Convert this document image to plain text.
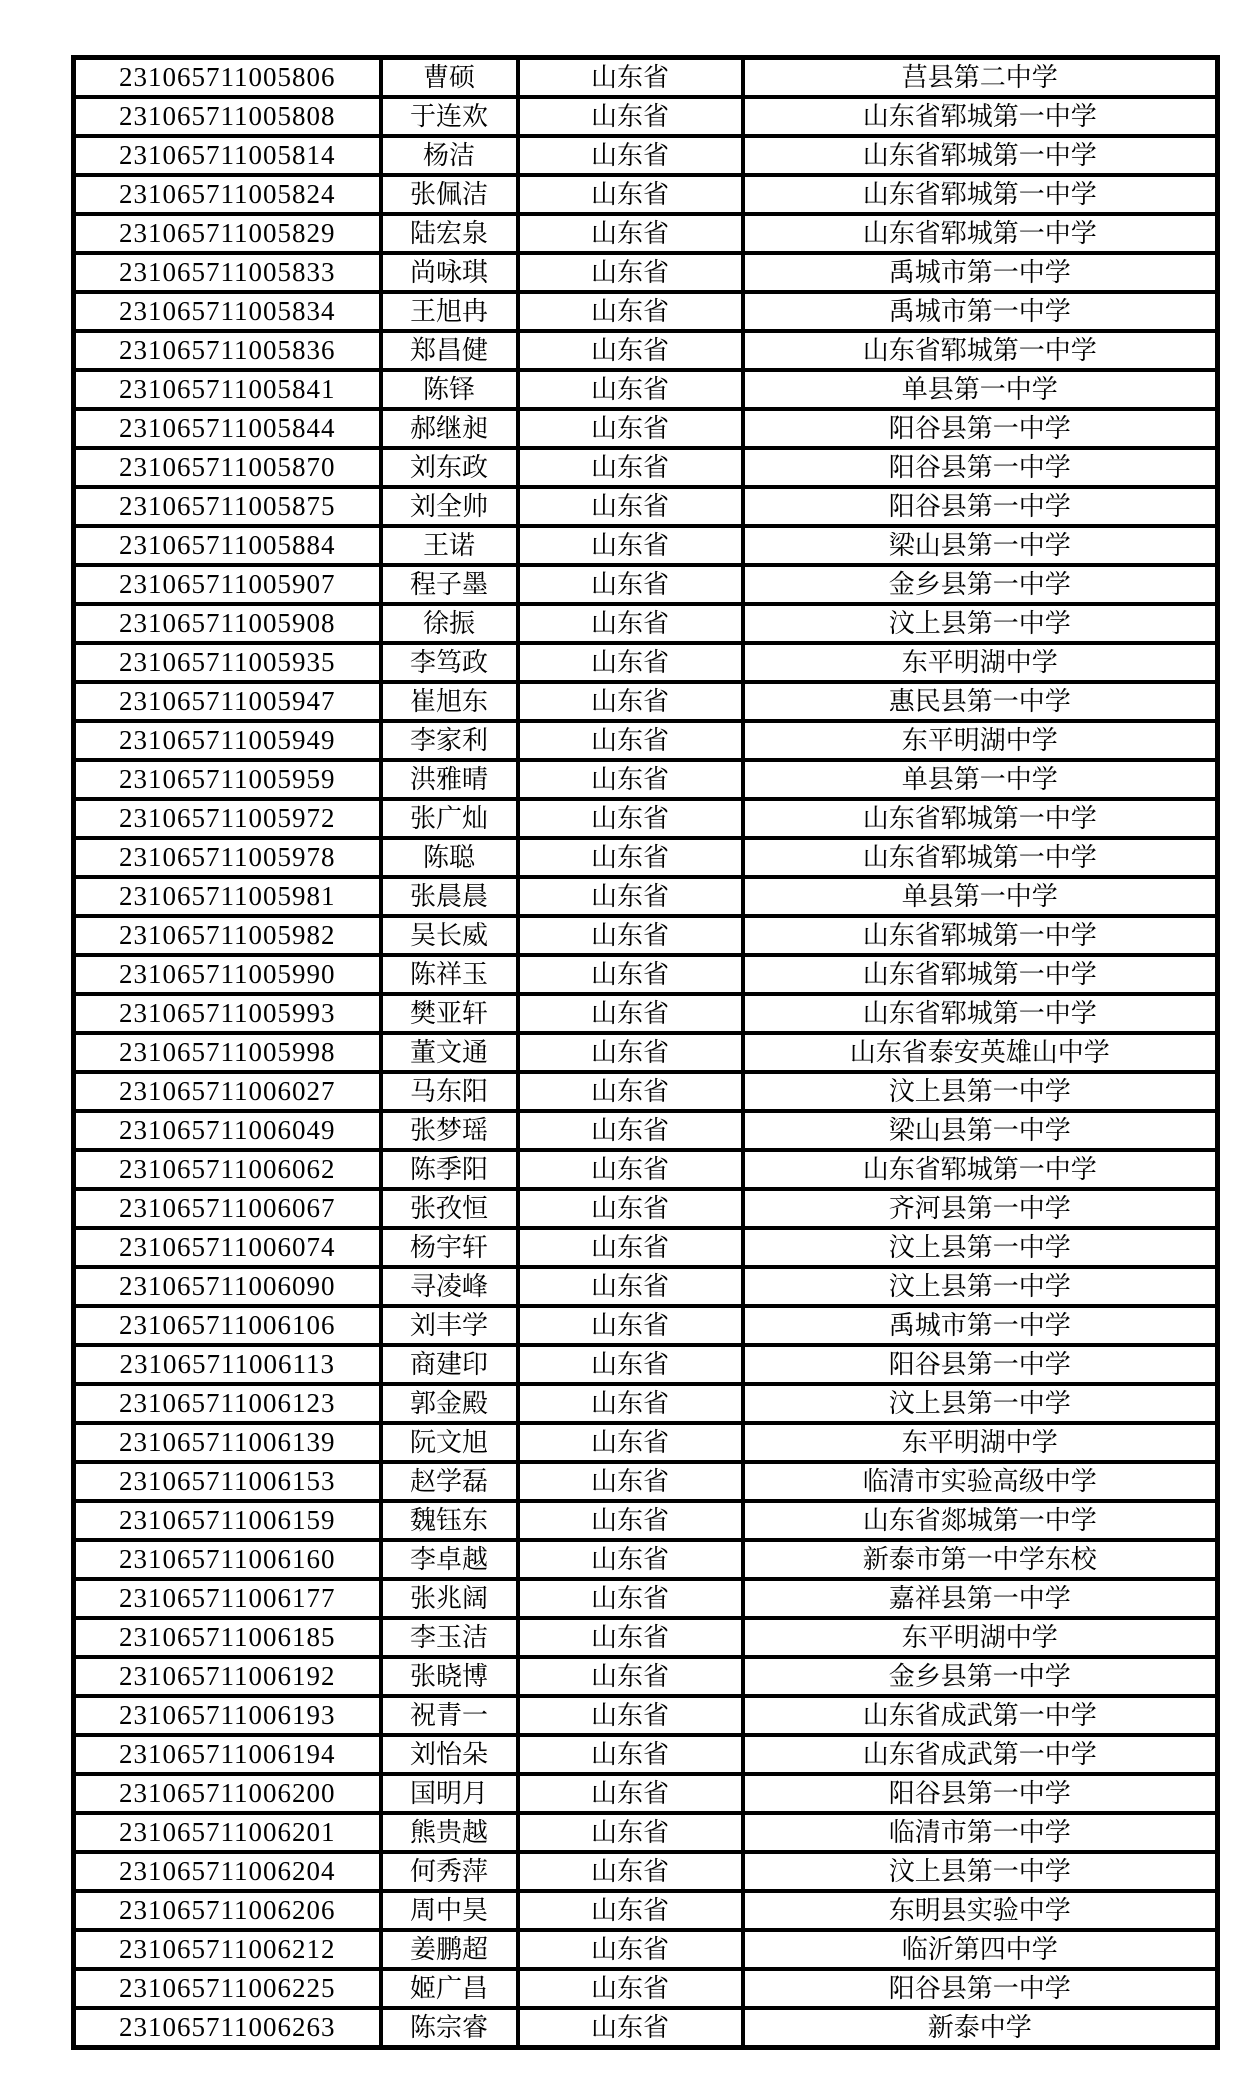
231065711005806	曹硕	山东省	莒县第二中学
231065711005808	于连欢	山东省	山东省郓城第一中学
231065711005814	杨洁	山东省	山东省郓城第一中学
231065711005824	张佩洁	山东省	山东省郓城第一中学
231065711005829	陆宏泉	山东省	山东省郓城第一中学
231065711005833	尚咏琪	山东省	禹城市第一中学
231065711005834	王旭冉	山东省	禹城市第一中学
231065711005836	郑昌健	山东省	山东省郓城第一中学
231065711005841	陈铎	山东省	单县第一中学
231065711005844	郝继昶	山东省	阳谷县第一中学
231065711005870	刘东政	山东省	阳谷县第一中学
231065711005875	刘全帅	山东省	阳谷县第一中学
231065711005884	王诺	山东省	梁山县第一中学
231065711005907	程子墨	山东省	金乡县第一中学
231065711005908	徐振	山东省	汶上县第一中学
231065711005935	李笃政	山东省	东平明湖中学
231065711005947	崔旭东	山东省	惠民县第一中学
231065711005949	李家利	山东省	东平明湖中学
231065711005959	洪雅晴	山东省	单县第一中学
231065711005972	张广灿	山东省	山东省郓城第一中学
231065711005978	陈聪	山东省	山东省郓城第一中学
231065711005981	张晨晨	山东省	单县第一中学
231065711005982	吴长威	山东省	山东省郓城第一中学
231065711005990	陈祥玉	山东省	山东省郓城第一中学
231065711005993	樊亚轩	山东省	山东省郓城第一中学
231065711005998	董文通	山东省	山东省泰安英雄山中学
231065711006027	马东阳	山东省	汶上县第一中学
231065711006049	张梦瑶	山东省	梁山县第一中学
231065711006062	陈季阳	山东省	山东省郓城第一中学
231065711006067	张孜恒	山东省	齐河县第一中学
231065711006074	杨宇轩	山东省	汶上县第一中学
231065711006090	寻凌峰	山东省	汶上县第一中学
231065711006106	刘丰学	山东省	禹城市第一中学
231065711006113	商建印	山东省	阳谷县第一中学
231065711006123	郭金殿	山东省	汶上县第一中学
231065711006139	阮文旭	山东省	东平明湖中学
231065711006153	赵学磊	山东省	临清市实验高级中学
231065711006159	魏钰东	山东省	山东省郯城第一中学
231065711006160	李卓越	山东省	新泰市第一中学东校
231065711006177	张兆阔	山东省	嘉祥县第一中学
231065711006185	李玉洁	山东省	东平明湖中学
231065711006192	张晓博	山东省	金乡县第一中学
231065711006193	祝青一	山东省	山东省成武第一中学
231065711006194	刘怡朵	山东省	山东省成武第一中学
231065711006200	国明月	山东省	阳谷县第一中学
231065711006201	熊贵越	山东省	临清市第一中学
231065711006204	何秀萍	山东省	汶上县第一中学
231065711006206	周中昊	山东省	东明县实验中学
231065711006212	姜鹏超	山东省	临沂第四中学
231065711006225	姬广昌	山东省	阳谷县第一中学
231065711006263	陈宗睿	山东省	新泰中学
